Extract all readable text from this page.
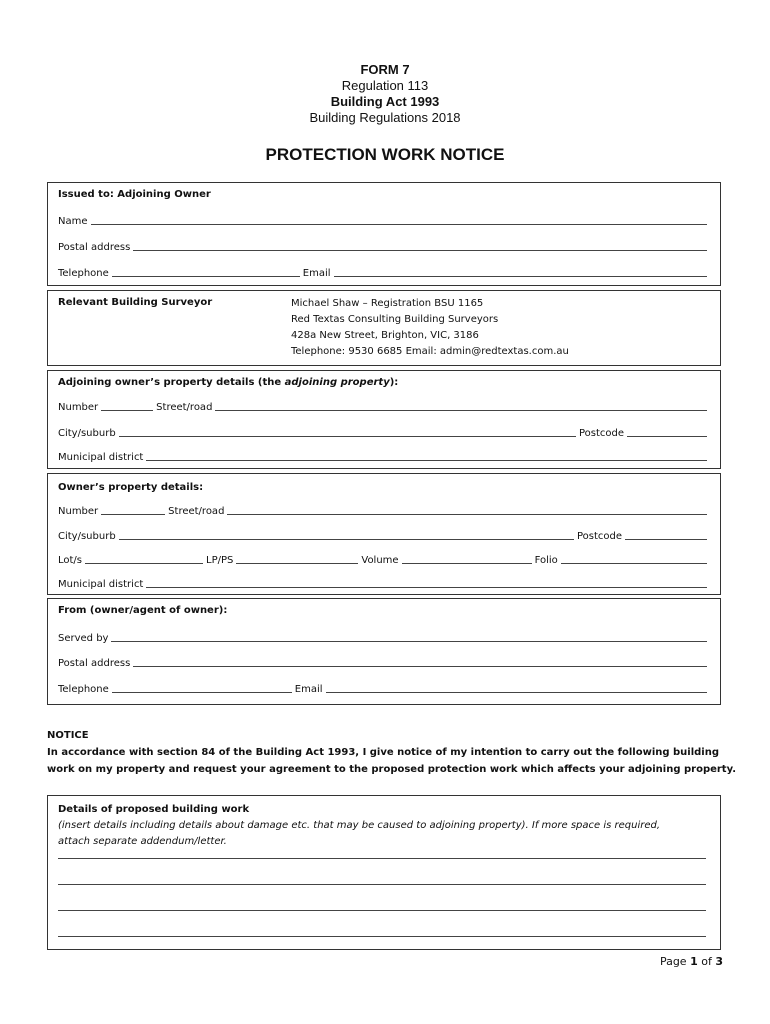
FORM 7
Regulation 113
Building Act 1993
Building Regulations 2018
PROTECTION WORK NOTICE
Issued to: Adjoining Owner
Name
Postal address
Telephone	Email
Relevant Building Surveyor	Michael Shaw – Registration BSU 1165
Red Textas Consulting Building Surveyors
428a New Street, Brighton, VIC, 3186
Telephone: 9530 6685 Email: admin@redtextas.com.au
Adjoining owner’s property details (the adjoining property):
Number	Street/road
City/suburb	Postcode
Municipal district
Owner’s property details:
Number	Street/road
City/suburb	Postcode
Lot/s	LP/PS	Volume	Folio
Municipal district
From (owner/agent of owner):
Served by
Postal address
Telephone	Email
NOTICE
In accordance with section 84 of the Building Act 1993, I give notice of my intention to carry out the following building work on my property and request your agreement to the proposed protection work which affects your adjoining property.
Details of proposed building work
(insert details including details about damage etc. that may be caused to adjoining property). If more space is required, attach separate addendum/letter.
Page 1 of 3
